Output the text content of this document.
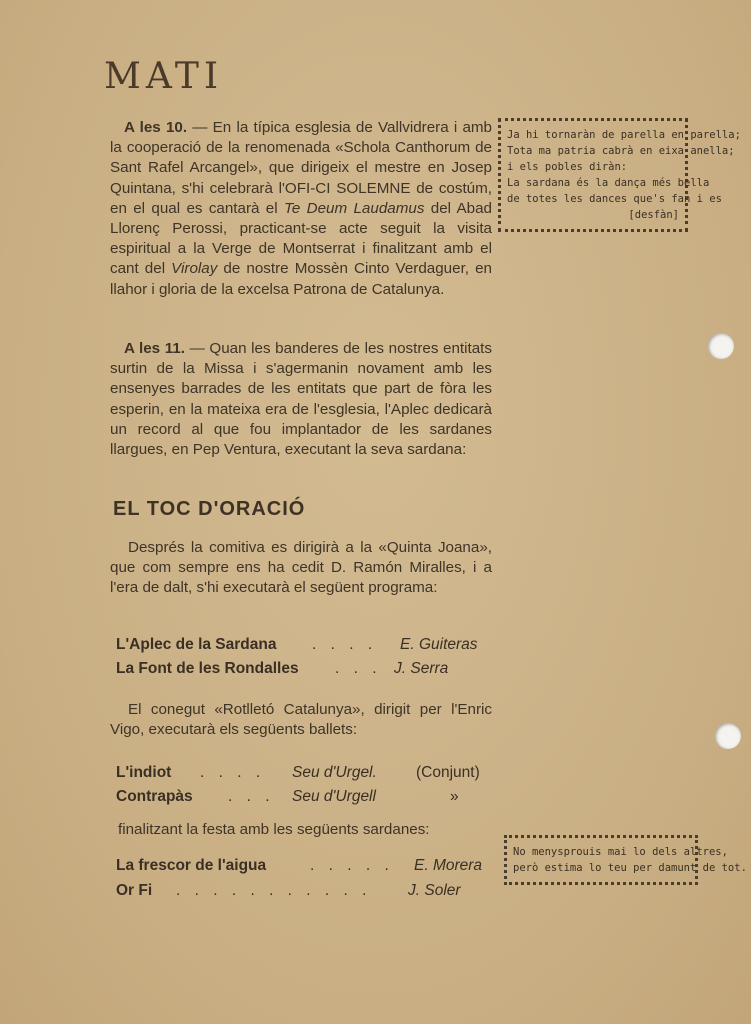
MATI

A les 10. — En la típica esglesia de Vallvidrera i amb la cooperació de la renomenada «Schola Canthorum de Sant Rafel Arcangel», que dirigeix el mestre en Josep Quintana, s'hi celebrarà l'OFI-CI SOLEMNE de costúm, en el qual es cantarà el Te Deum Laudamus del Abad Llorenç Perossi, practicant-se acte seguit la visita espiritual a la Verge de Montserrat i finalitzant amb el cant del Virolay de nostre Mossèn Cinto Verdaguer, en llahor i gloria de la excelsa Patrona de Catalunya.

A les 11. — Quan les banderes de les nostres entitats surtin de la Missa i s'agermanin novament amb les ensenyes barrades de les entitats que part de fòra les esperin, en la mateixa era de l'esglesia, l'Aplec dedicarà un record al que fou implantador de les sardanes llargues, en Pep Ventura, executant la seva sardana:

EL TOC D'ORACIÓ

Després la comitiva es dirigirà a la «Quinta Joana», que com sempre ens ha cedit D. Ramón Miralles, i a l'era de dalt, s'hi executarà el següent programa:

L'Aplec de la Sardana . . . . E. Guiteras
La Font de les Rondalles . . . J. Serra

El conegut «Rotlletó Catalunya», dirigit per l'Enric Vigo, executarà els següents ballets:

L'indiot . . . . Seu d'Urgel.	(Conjunt)
Contrapàs . . . Seu d'Urgell	»

finalitzant la festa amb les següents sardanes:

La frescor de l'aigua	. . . . . E. Morera
Or Fi . . . . . . . . . . . J. Soler
Ja hi tornaràn de parella en parella;
Tota ma patria cabrà en eixa anella;
i els pobles diràn:
La sardana és la dança més bella
de totes les dances que's fan i es
[desfàn]
No menysprouis mai lo dels altres,
però estima lo teu per damunt de tot.
